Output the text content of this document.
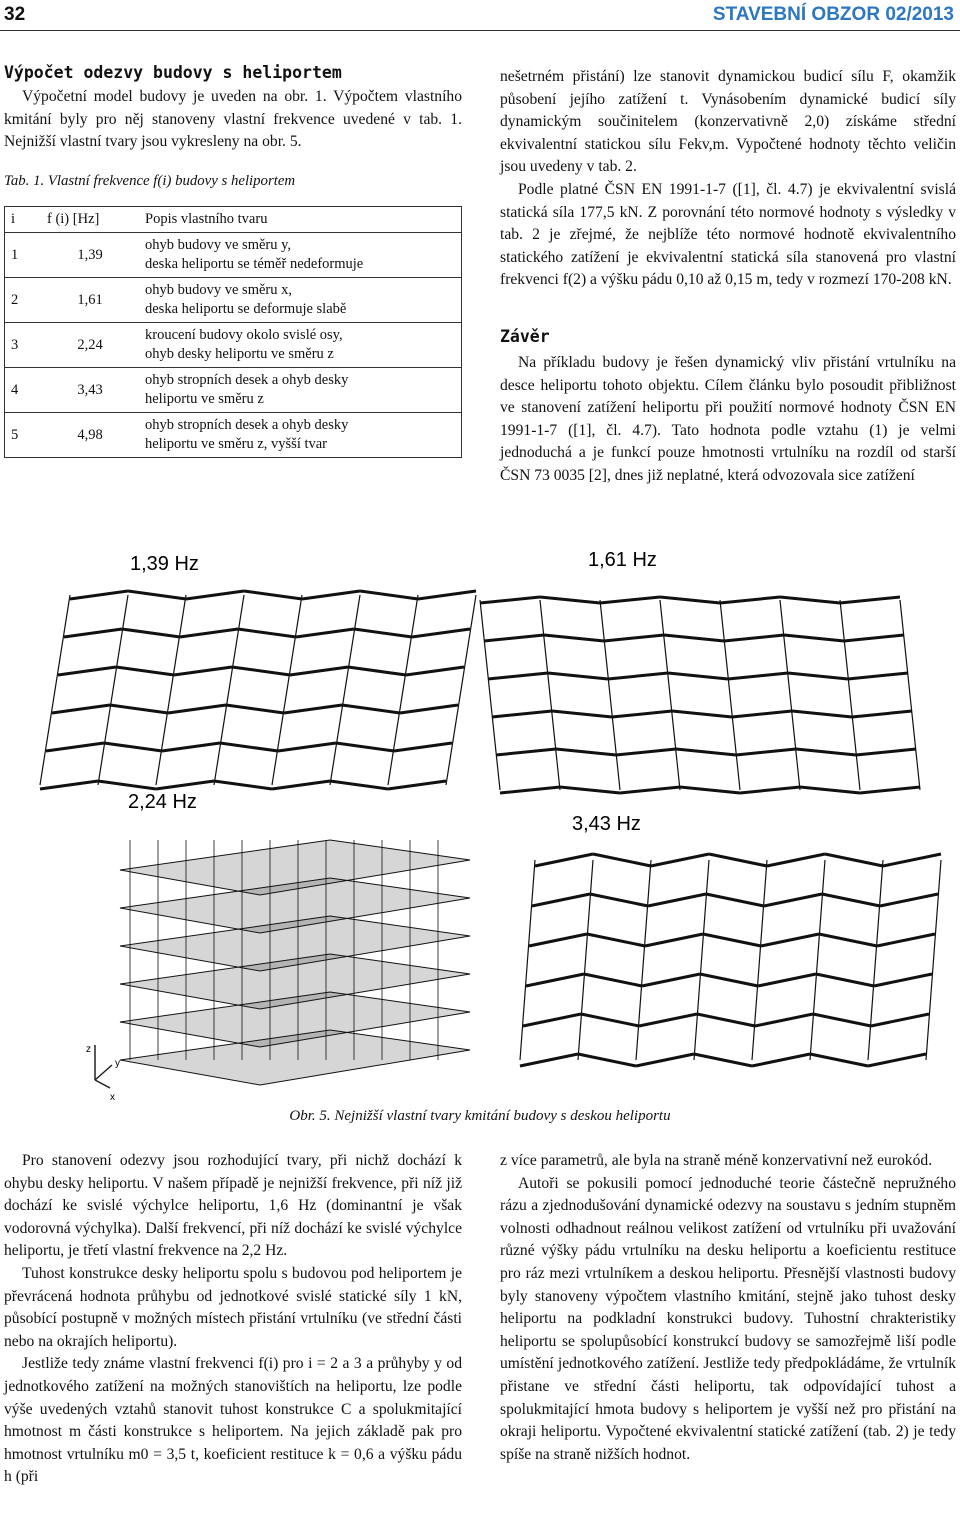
32	STAVEBNÍ OBZOR 02/2013
Výpočet odezvy budovy s heliportem

Výpočetní model budovy je uveden na obr. 1. Výpočtem vlastního kmitání byly pro něj stanoveny vlastní frekvence uvedené v tab. 1. Nejnižší vlastní tvary jsou vykresleny na obr. 5.

Tab. 1. Vlastní frekvence f(i) budovy s heliportem

i	f (i) [Hz]	Popis vlastního tvaru
1	1,39	ohyb budovy ve směru y,
deska heliportu se téměř nedeformuje

2	1,61	ohyb budovy ve směru x,
deska heliportu se deformuje slabě

3	2,24	kroucení budovy okolo svislé osy,
ohyb desky heliportu ve směru z

4	3,43	ohyb stropních desek a ohyb desky
heliportu ve směru z

5	4,98	ohyb stropních desek a ohyb desky
heliportu ve směru z, vyšší tvar

nešetrném přistání) lze stanovit dynamickou budicí sílu F, okamžik působení jejího zatížení t. Vynásobením dynamické budicí síly dynamickým součinitelem (konzervativně 2,0) získáme střední ekvivalentní statickou sílu Fekv,m. Vypočtené hodnoty těchto veličin jsou uvedeny v tab. 2.

Podle platné ČSN EN 1991-1-7 ([1], čl. 4.7) je ekvivalentní svislá statická síla 177,5 kN. Z porovnání této normové hodnoty s výsledky v tab. 2 je zřejmé, že nejblíže této normové hodnotě ekvivalentního statického zatížení je ekvivalentní statická síla stanovená pro vlastní frekvenci f(2) a výšku pádu 0,10 až 0,15 m, tedy v rozmezí 170-208 kN.

Závěr

Na příkladu budovy je řešen dynamický vliv přistání vrtulníku na desce heliportu tohoto objektu. Cílem článku bylo posoudit přibližnost ve stanovení zatížení heliportu při použití normové hodnoty ČSN EN 1991-1-7 ([1], čl. 4.7). Tato hodnota podle vztahu (1) je velmi jednoduchá a je funkcí pouze hmotnosti vrtulníku na rozdíl od starší ČSN 73 0035 [2], dnes již neplatné, která odvozovala sice zatížení

1,39 Hz	1,61 Hz
2,24 Hz
3,43 Hz
z
y
x
Obr. 5. Nejnižší vlastní tvary kmitání budovy s deskou heliportu

Pro stanovení odezvy jsou rozhodující tvary, při nichž dochází k ohybu desky heliportu. V našem případě je nejnižší frekvence, při níž již dochází ke svislé výchylce heliportu, 1,6 Hz (dominantní je však vodorovná výchylka). Další frekvencí, při níž dochází ke svislé výchylce heliportu, je třetí vlastní frekvence na 2,2 Hz.

Tuhost konstrukce desky heliportu spolu s budovou pod heliportem je převrácená hodnota průhybu od jednotkové svislé statické síly 1 kN, působící postupně v možných místech přistání vrtulníku (ve střední části nebo na okrajích heliportu).

Jestliže tedy známe vlastní frekvenci f(i) pro i = 2 a 3 a průhyby y od jednotkového zatížení na možných stanovištích na heliportu, lze podle výše uvedených vztahů stanovit tuhost konstrukce C a spolukmitající hmotnost m části konstrukce s heliportem. Na jejich základě pak pro hmotnost vrtulníku m0 = 3,5 t, koeficient restituce k = 0,6 a výšku pádu h (při

z více parametrů, ale byla na straně méně konzervativní než eurokód.

Autoři se pokusili pomocí jednoduché teorie částečně nepružného rázu a zjednodušování dynamické odezvy na soustavu s jedním stupněm volnosti odhadnout reálnou velikost zatížení od vrtulníku při uvažování různé výšky pádu vrtulníku na desku heliportu a koeficientu restituce pro ráz mezi vrtulníkem a deskou heliportu. Přesnější vlastnosti budovy byly stanoveny výpočtem vlastního kmitání, stejně jako tuhost desky heliportu na podkladní konstrukci budovy. Tuhostní chrakteristiky heliportu se spolupůsobící konstrukcí budovy se samozřejmě liší podle umístění jednotkového zatížení. Jestliže tedy předpokládáme, že vrtulník přistane ve střední části heliportu, tak odpovídající tuhost a spolukmitající hmota budovy s heliportem je vyšší než pro přistání na okraji heliportu. Vypočtené ekvivalentní statické zatížení (tab. 2) je tedy spíše na straně nižších hodnot.
